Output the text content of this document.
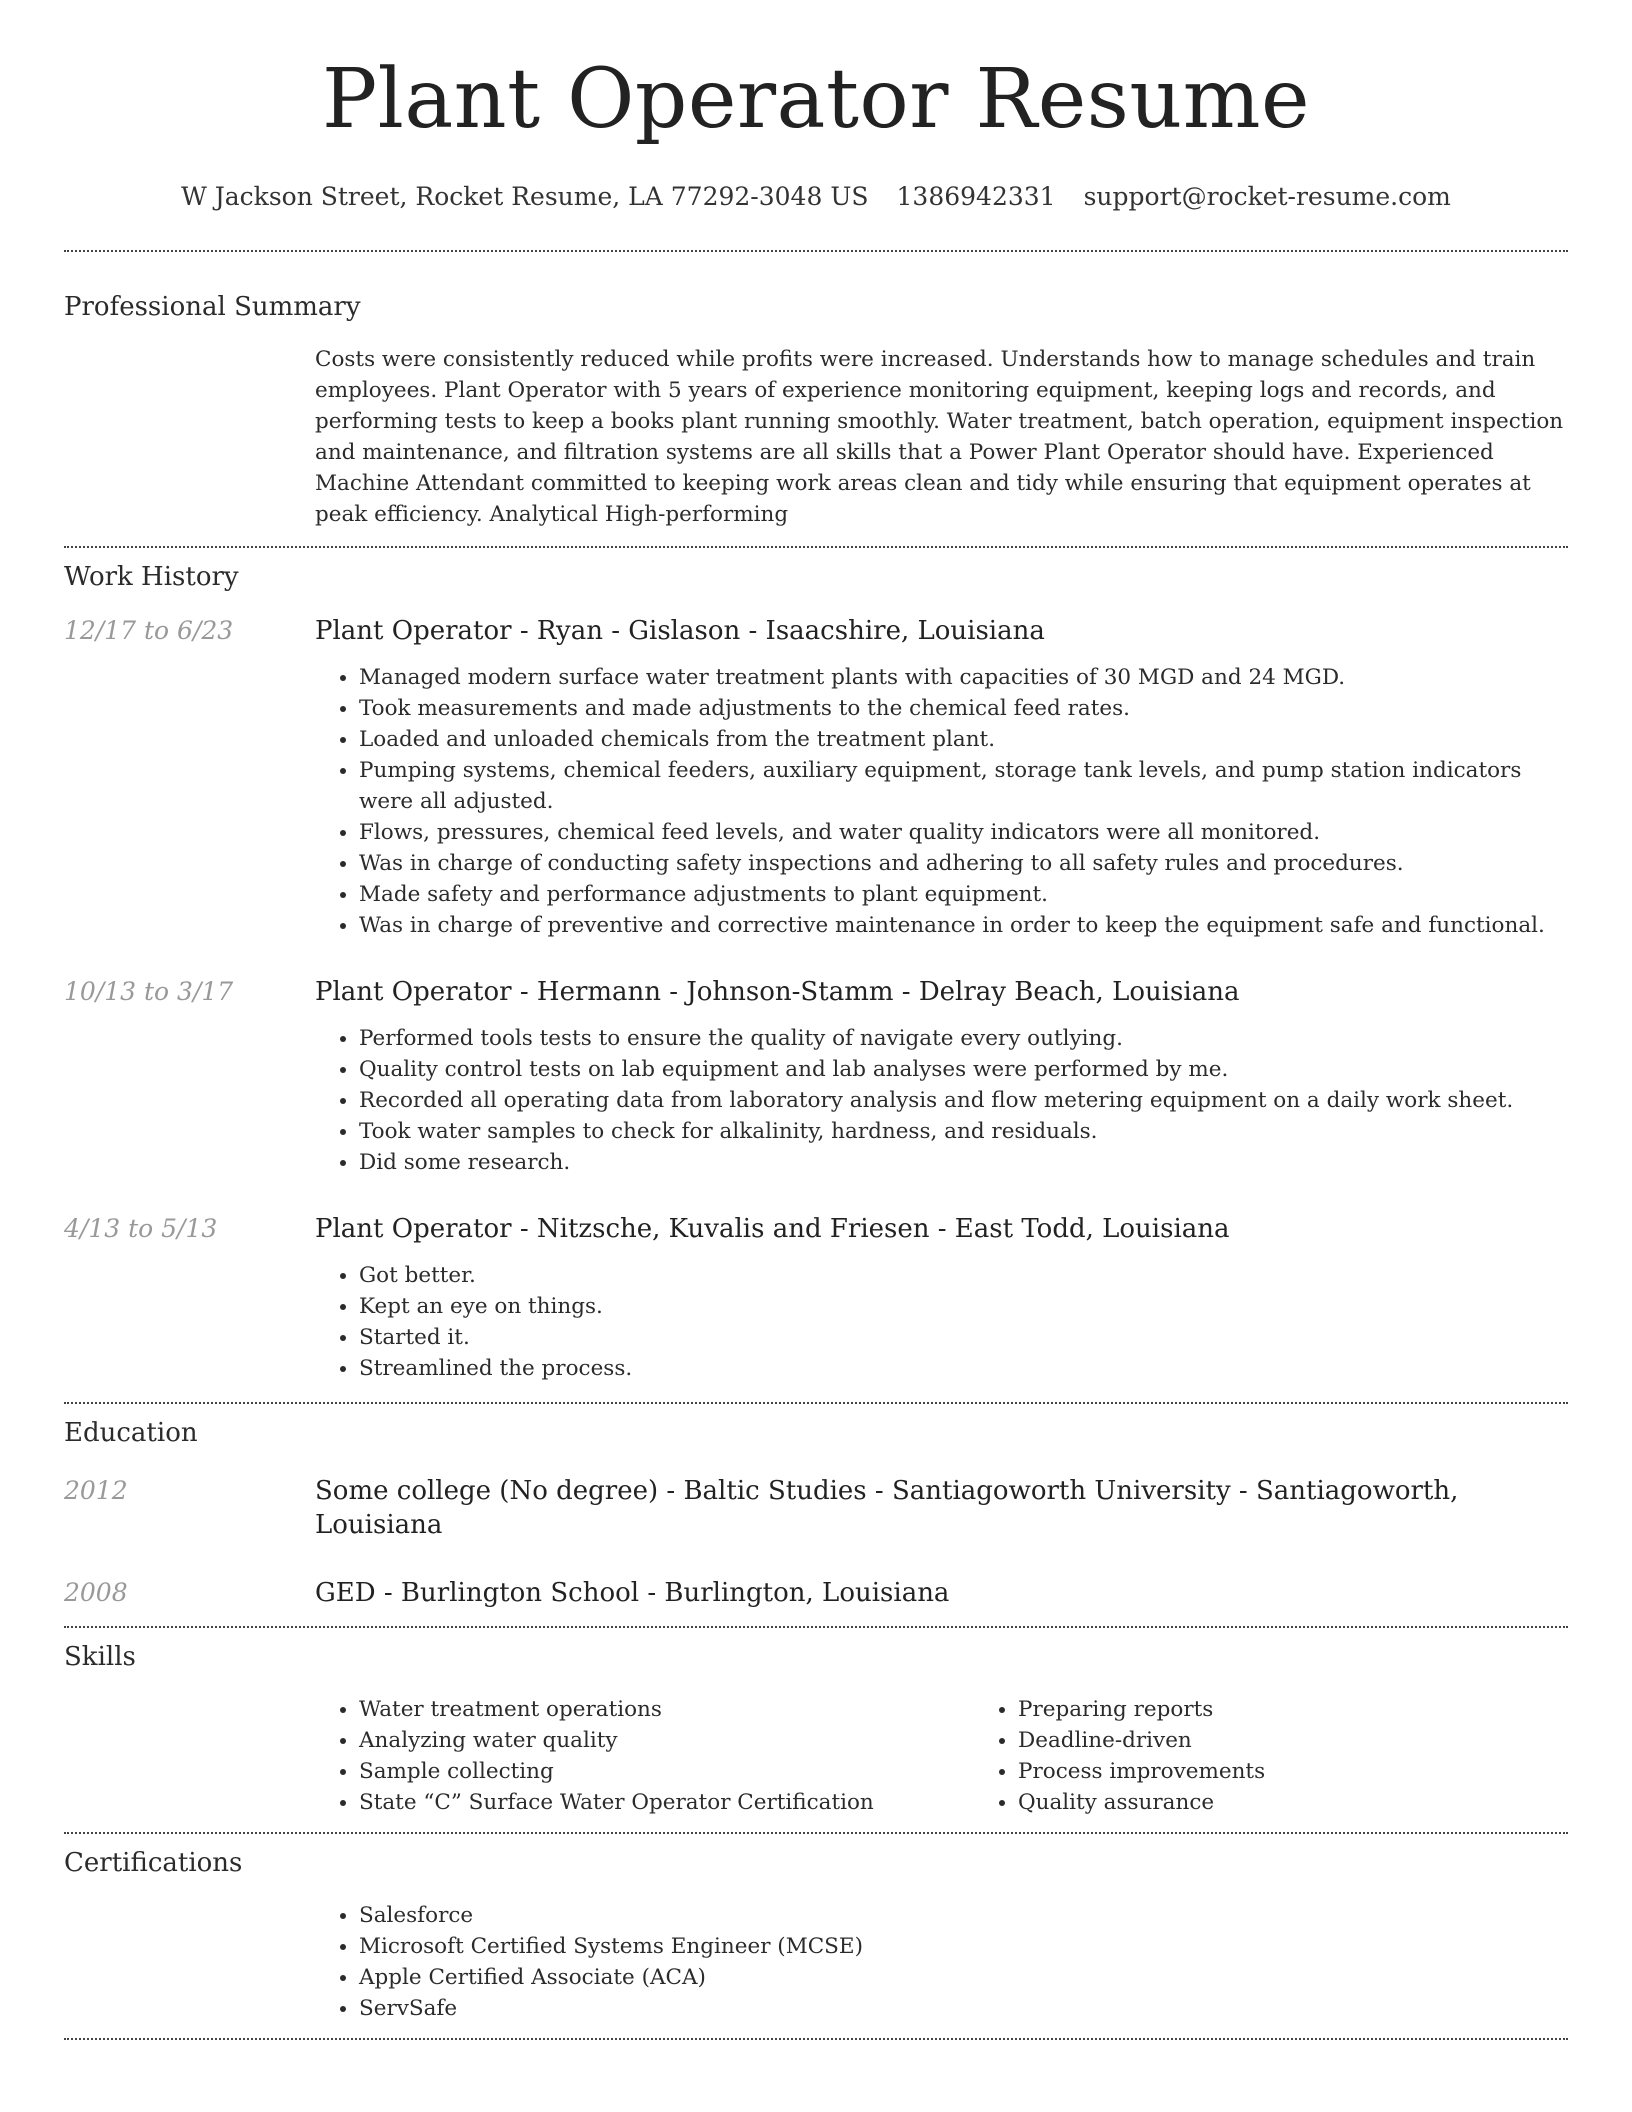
Plant Operator Resume
W Jackson Street, Rocket Resume, LA 77292-3048 US 1386942331 support@rocket-resume.com
Professional Summary

Costs were consistently reduced while profits were increased. Understands how to manage schedules and train employees. Plant Operator with 5 years of experience monitoring equipment, keeping logs and records, and performing tests to keep a books plant running smoothly. Water treatment, batch operation, equipment inspection and maintenance, and filtration systems are all skills that a Power Plant Operator should have. Experienced Machine Attendant committed to keeping work areas clean and tidy while ensuring that equipment operates at peak efficiency. Analytical High-performing

Work History
12/17 to 6/23	Plant Operator - Ryan - Gislason - Isaacshire, Louisiana
• Managed modern surface water treatment plants with capacities of 30 MGD and 24 MGD.
• Took measurements and made adjustments to the chemical feed rates.
• Loaded and unloaded chemicals from the treatment plant.
• Pumping systems, chemical feeders, auxiliary equipment, storage tank levels, and pump station indicators were all adjusted.
• Flows, pressures, chemical feed levels, and water quality indicators were all monitored.
• Was in charge of conducting safety inspections and adhering to all safety rules and procedures.
• Made safety and performance adjustments to plant equipment.
• Was in charge of preventive and corrective maintenance in order to keep the equipment safe and functional.
10/13 to 3/17	Plant Operator - Hermann - Johnson-Stamm - Delray Beach, Louisiana
• Performed tools tests to ensure the quality of navigate every outlying.
• Quality control tests on lab equipment and lab analyses were performed by me.
• Recorded all operating data from laboratory analysis and flow metering equipment on a daily work sheet.
• Took water samples to check for alkalinity, hardness, and residuals.
• Did some research.
4/13 to 5/13	Plant Operator - Nitzsche, Kuvalis and Friesen - East Todd, Louisiana
• Got better.
• Kept an eye on things.
• Started it.
• Streamlined the process.
Education
2012	Some college (No degree) - Baltic Studies - Santiagoworth University - Santiagoworth, Louisiana
2008	GED - Burlington School - Burlington, Louisiana
Skills
• Water treatment operations
• Analyzing water quality
• Sample collecting
• State “C” Surface Water Operator Certification
• Preparing reports
• Deadline-driven
• Process improvements
• Quality assurance
Certifications
• Salesforce
• Microsoft Certified Systems Engineer (MCSE)
• Apple Certified Associate (ACA)
• ServSafe
